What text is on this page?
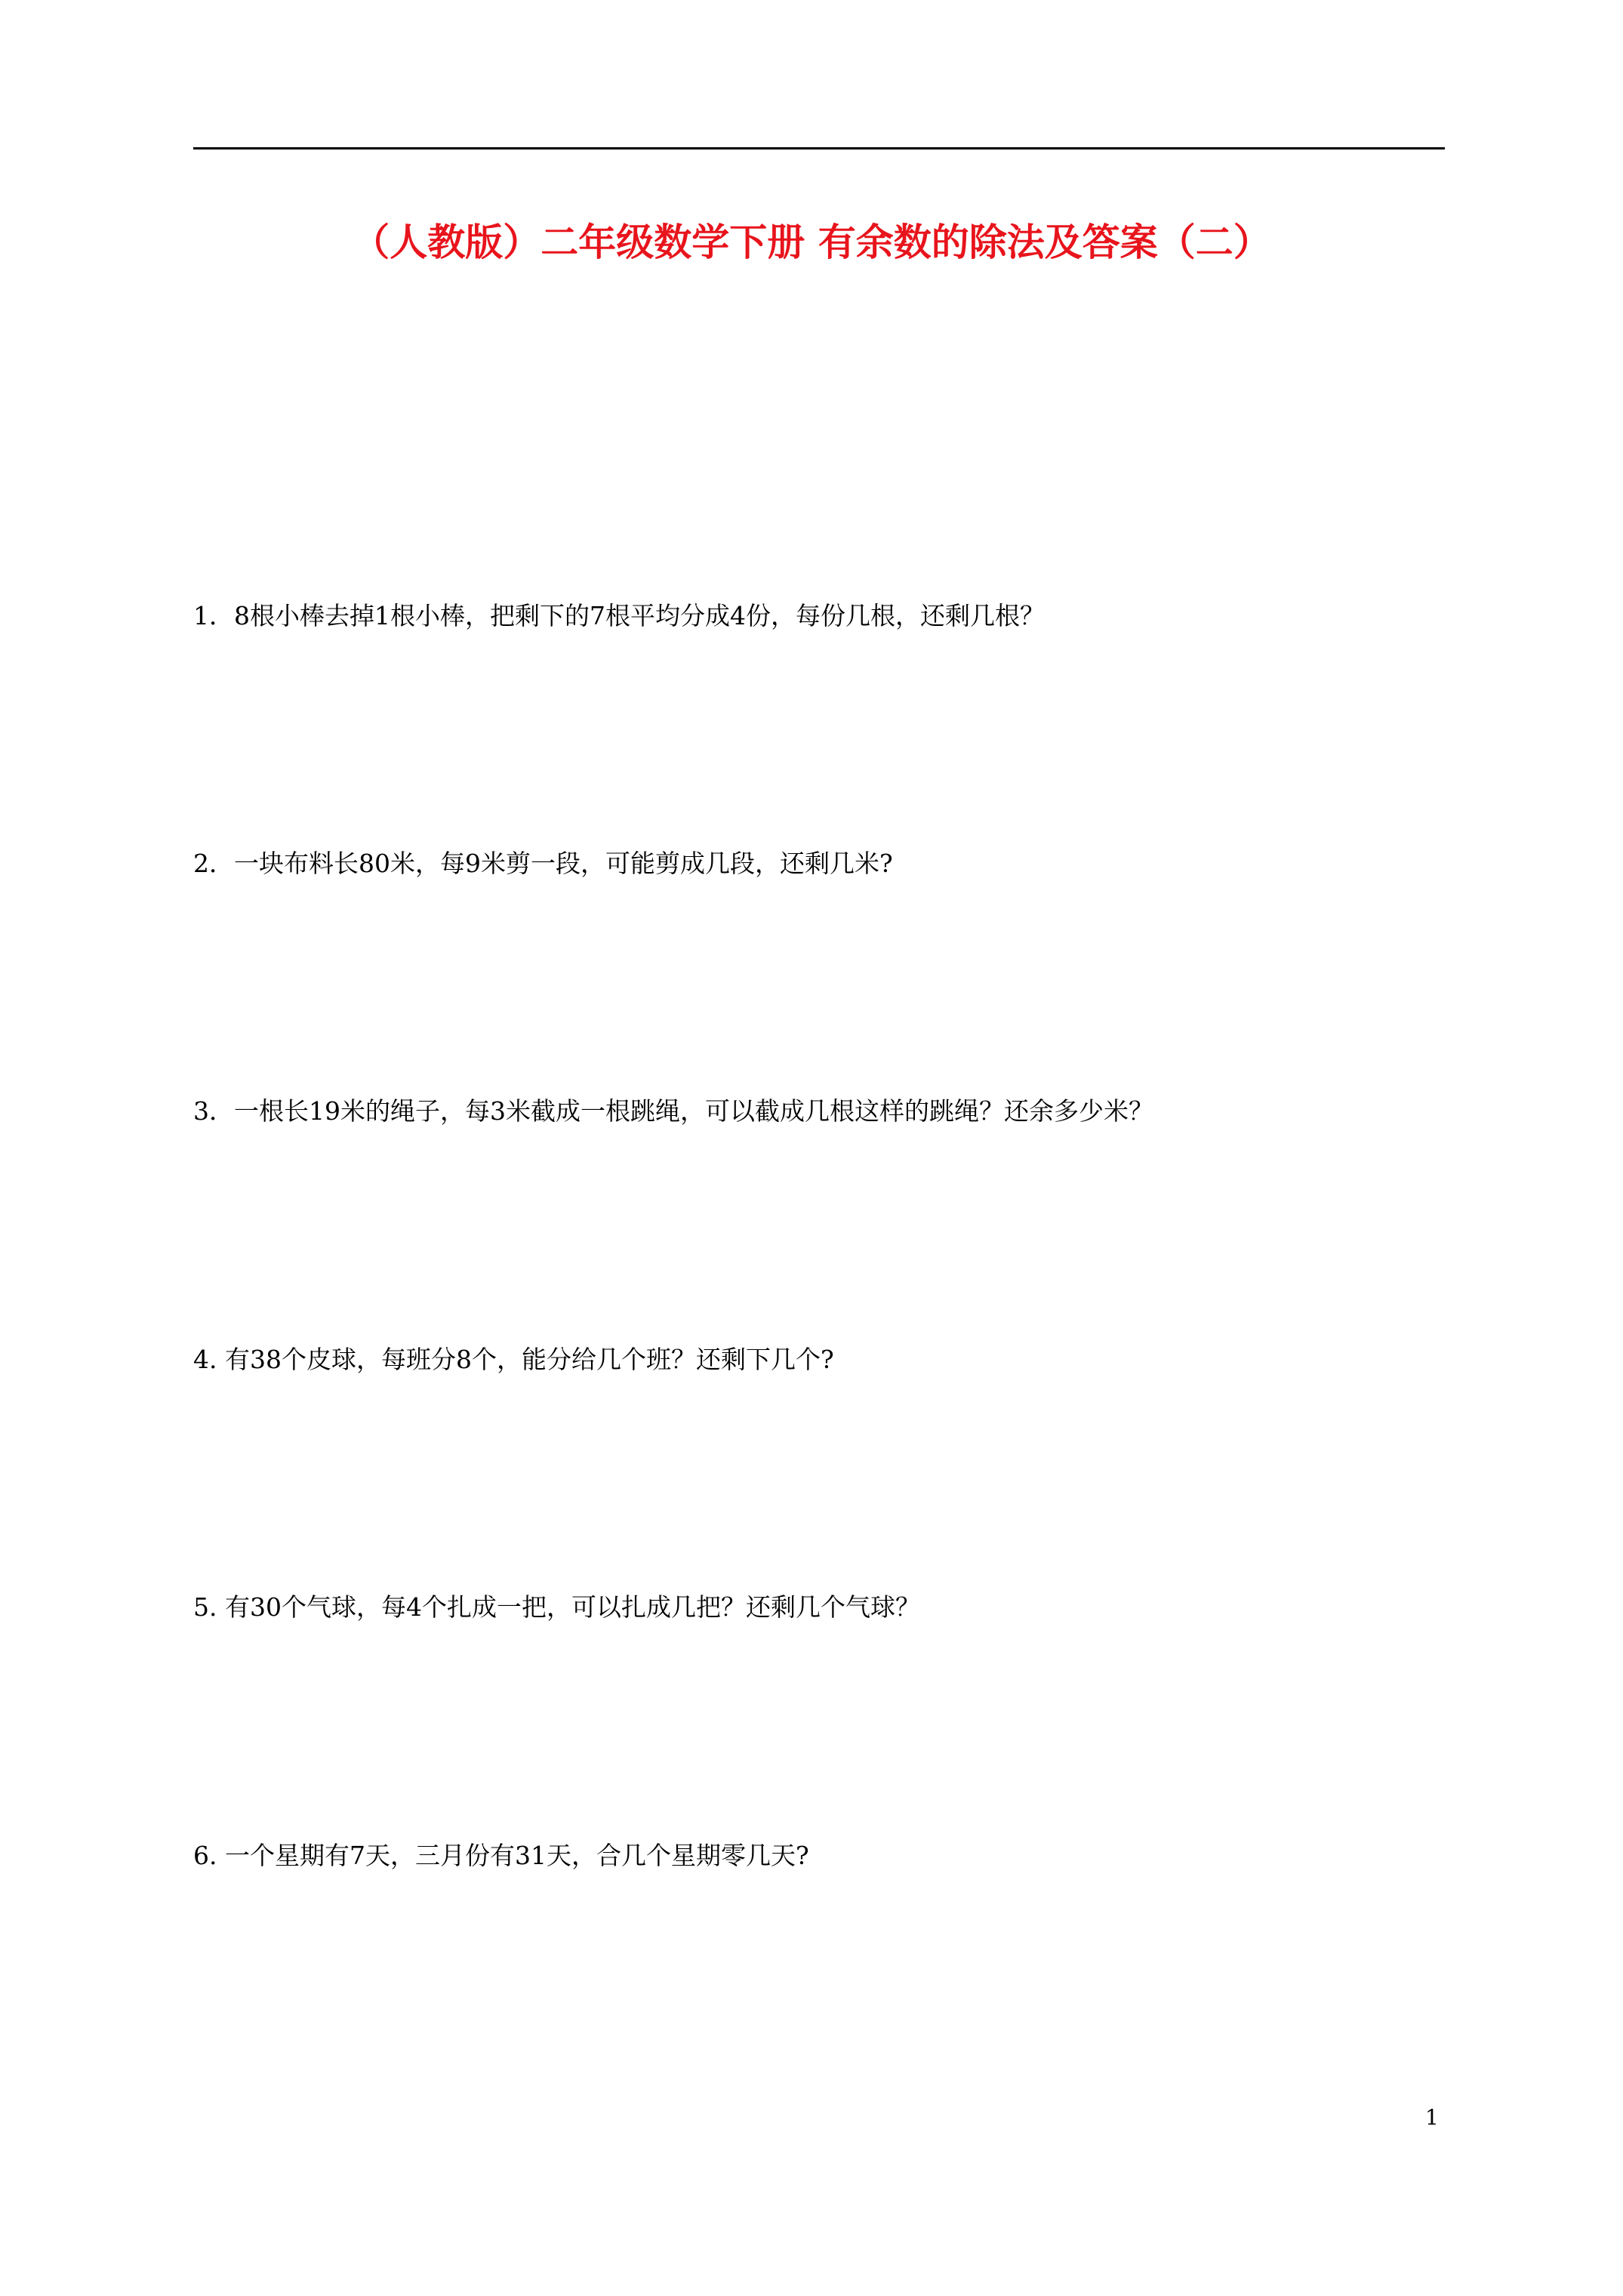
（人教版）二年级数学下册 有余数的除法及答案（二）
1．8根小棒去掉1根小棒，把剩下的7根平均分成4份，每份几根，还剩几根？
2．一块布料长80米，每9米剪一段，可能剪成几段，还剩几米?
3．一根长19米的绳子，每3米截成一根跳绳，可以截成几根这样的跳绳？还余多少米？
4. 有38个皮球，每班分8个，能分给几个班？还剩下几个?
5. 有30个气球，每4个扎成一把，可以扎成几把？还剩几个气球？
6. 一个星期有7天，三月份有31天，合几个星期零几天?
1
